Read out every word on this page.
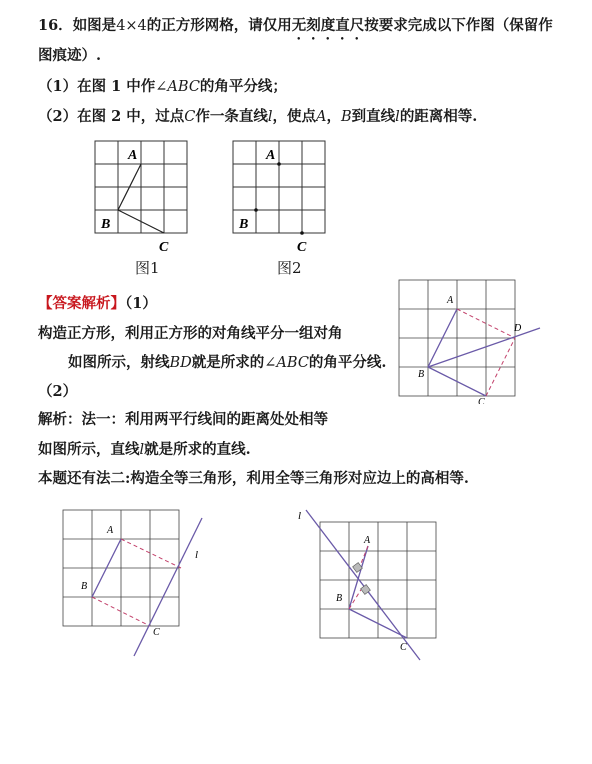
16．如图是4×4的正方形网格，请仅用无刻度直尺按要求完成以下作图（保留作
图痕迹）.
（1）在图 1 中作∠ABC的角平分线；
（2）在图 2 中，过点C作一条直线l，使点A，B到直线l的距离相等.
A
B
C
图1
A
B
C
图2
【答案解析】（1）
构造正方形，利用正方形的对角线平分一组对角
如图所示，射线BD就是所求的∠ABC的角平分线.
（2）
解析：法一：利用两平行线间的距离处处相等
如图所示，直线l就是所求的直线.
本题还有法二:构造全等三角形，利用全等三角形对应边上的高相等.
A
B
C
D
A
B
C
l
A
B
C
l
